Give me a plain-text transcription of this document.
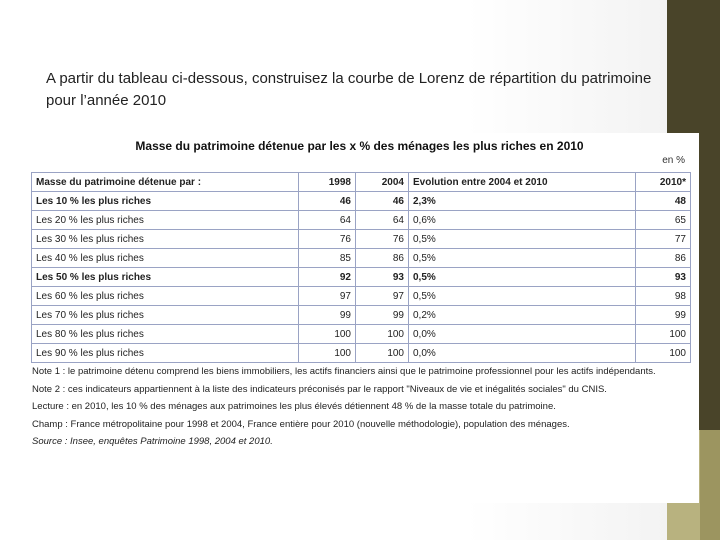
A partir du tableau ci-dessous, construisez la courbe de Lorenz de répartition du patrimoine pour l’année 2010
Masse du patrimoine détenue par les x % des ménages les plus riches en 2010
en %
Masse du patrimoine détenue par :	1998	2004	Evolution entre 2004 et 2010	2010*
Les 10 % les plus riches	46	46	2,3%	48
Les 20 % les plus riches	64	64	0,6%	65
Les 30 % les plus riches	76	76	0,5%	77
Les 40 % les plus riches	85	86	0,5%	86
Les 50 % les plus riches	92	93	0,5%	93
Les 60 % les plus riches	97	97	0,5%	98
Les 70 % les plus riches	99	99	0,2%	99
Les 80 % les plus riches	100	100	0,0%	100
Les 90 % les plus riches	100	100	0,0%	100

Note 1 : le patrimoine détenu comprend les biens immobiliers, les actifs financiers ainsi que le patrimoine professionnel pour les actifs indépendants.

Note 2 : ces indicateurs appartiennent à la liste des indicateurs préconisés par le rapport "Niveaux de vie et inégalités sociales" du CNIS.

Lecture : en 2010, les 10 % des ménages aux patrimoines les plus élevés détiennent 48 % de la masse totale du patrimoine.

Champ : France métropolitaine pour 1998 et 2004, France entière pour 2010 (nouvelle méthodologie), population des ménages.

Source : Insee, enquêtes Patrimoine 1998, 2004 et 2010.
